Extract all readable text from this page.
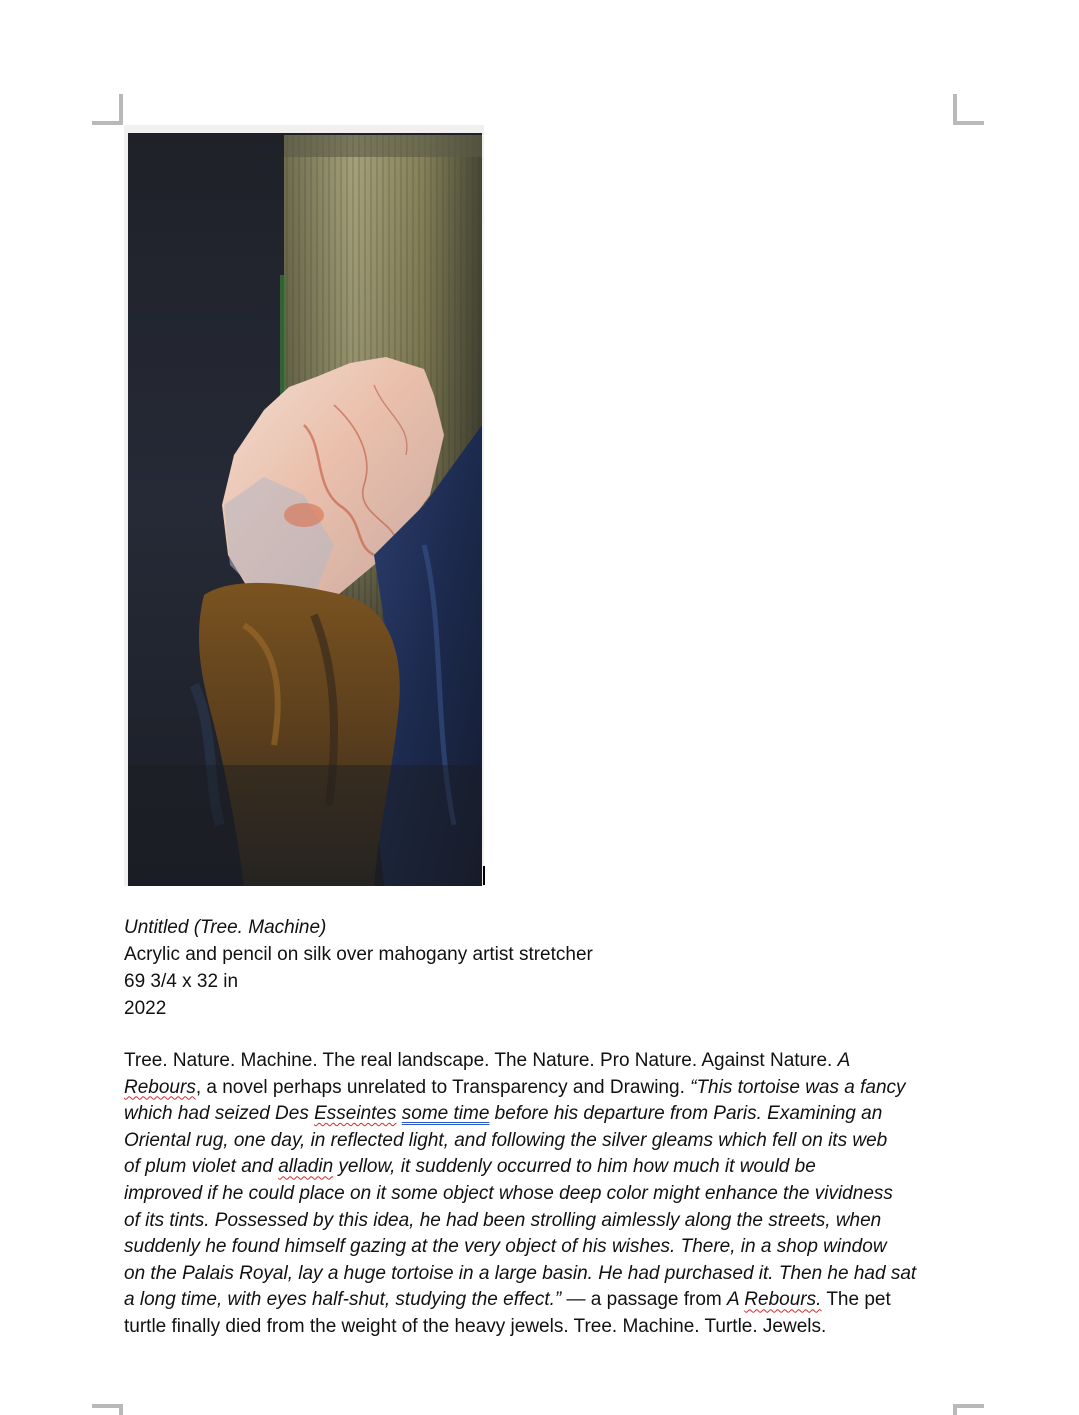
Untitled (Tree. Machine)
Acrylic and pencil on silk over mahogany artist stretcher
69 3/4 x 32 in
2022
Tree. Nature. Machine. The real landscape. The Nature. Pro Nature. Against Nature. A
Rebours, a novel perhaps unrelated to Transparency and Drawing. “This tortoise was a fancy
which had seized Des Esseintes some time before his departure from Paris. Examining an
Oriental rug, one day, in reflected light, and following the silver gleams which fell on its web
of plum violet and alladin yellow, it suddenly occurred to him how much it would be
improved if he could place on it some object whose deep color might enhance the vividness
of its tints. Possessed by this idea, he had been strolling aimlessly along the streets, when
suddenly he found himself gazing at the very object of his wishes. There, in a shop window
on the Palais Royal, lay a huge tortoise in a large basin. He had purchased it. Then he had sat
a long time, with eyes half-shut, studying the effect.” — a passage from A Rebours. The pet
turtle finally died from the weight of the heavy jewels. Tree. Machine. Turtle. Jewels.
